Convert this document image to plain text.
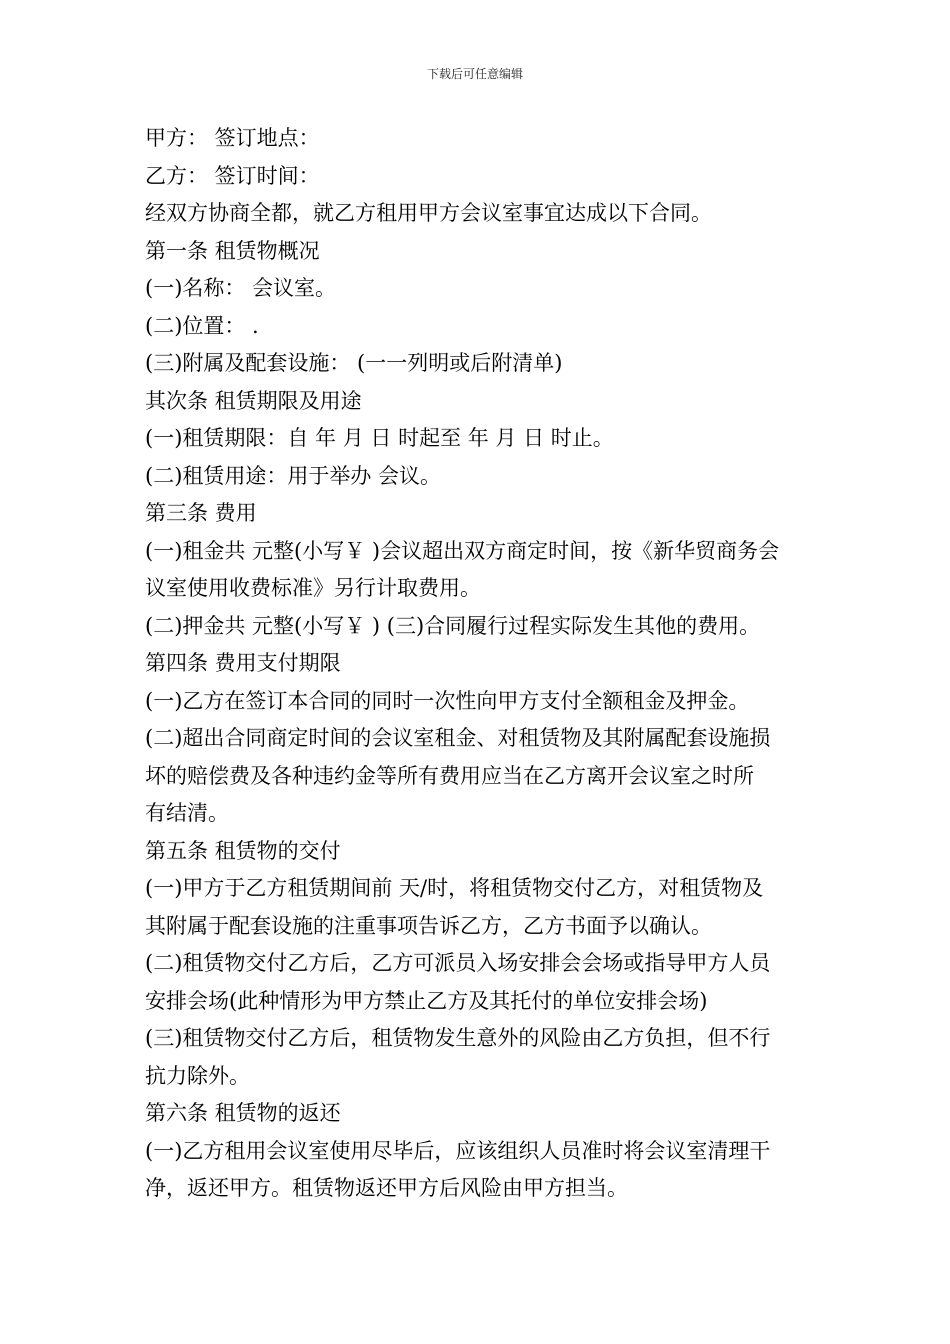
下载后可任意编辑
甲方： 签订地点：
乙方： 签订时间：
经双方协商全都，就乙方租用甲方会议室事宜达成以下合同。
第一条 租赁物概况
(一)名称： 会议室。
(二)位置： .
(三)附属及配套设施： (一一列明或后附清单)
其次条 租赁期限及用途
(一)租赁期限：自 年 月 日 时起至 年 月 日 时止。
(二)租赁用途：用于举办 会议。
第三条 费用
(一)租金共 元整(小写￥ )会议超出双方商定时间，按《新华贸商务会
议室使用收费标准》另行计取费用。
(二)押金共 元整(小写￥ ) (三)合同履行过程实际发生其他的费用。
第四条 费用支付期限
(一)乙方在签订本合同的同时一次性向甲方支付全额租金及押金。
(二)超出合同商定时间的会议室租金、对租赁物及其附属配套设施损
坏的赔偿费及各种违约金等所有费用应当在乙方离开会议室之时所
有结清。
第五条 租赁物的交付
(一)甲方于乙方租赁期间前 天/时，将租赁物交付乙方，对租赁物及
其附属于配套设施的注重事项告诉乙方，乙方书面予以确认。
(二)租赁物交付乙方后，乙方可派员入场安排会会场或指导甲方人员
安排会场(此种情形为甲方禁止乙方及其托付的单位安排会场)
(三)租赁物交付乙方后，租赁物发生意外的风险由乙方负担，但不行
抗力除外。
第六条 租赁物的返还
(一)乙方租用会议室使用尽毕后，应该组织人员准时将会议室清理干
净，返还甲方。租赁物返还甲方后风险由甲方担当。
